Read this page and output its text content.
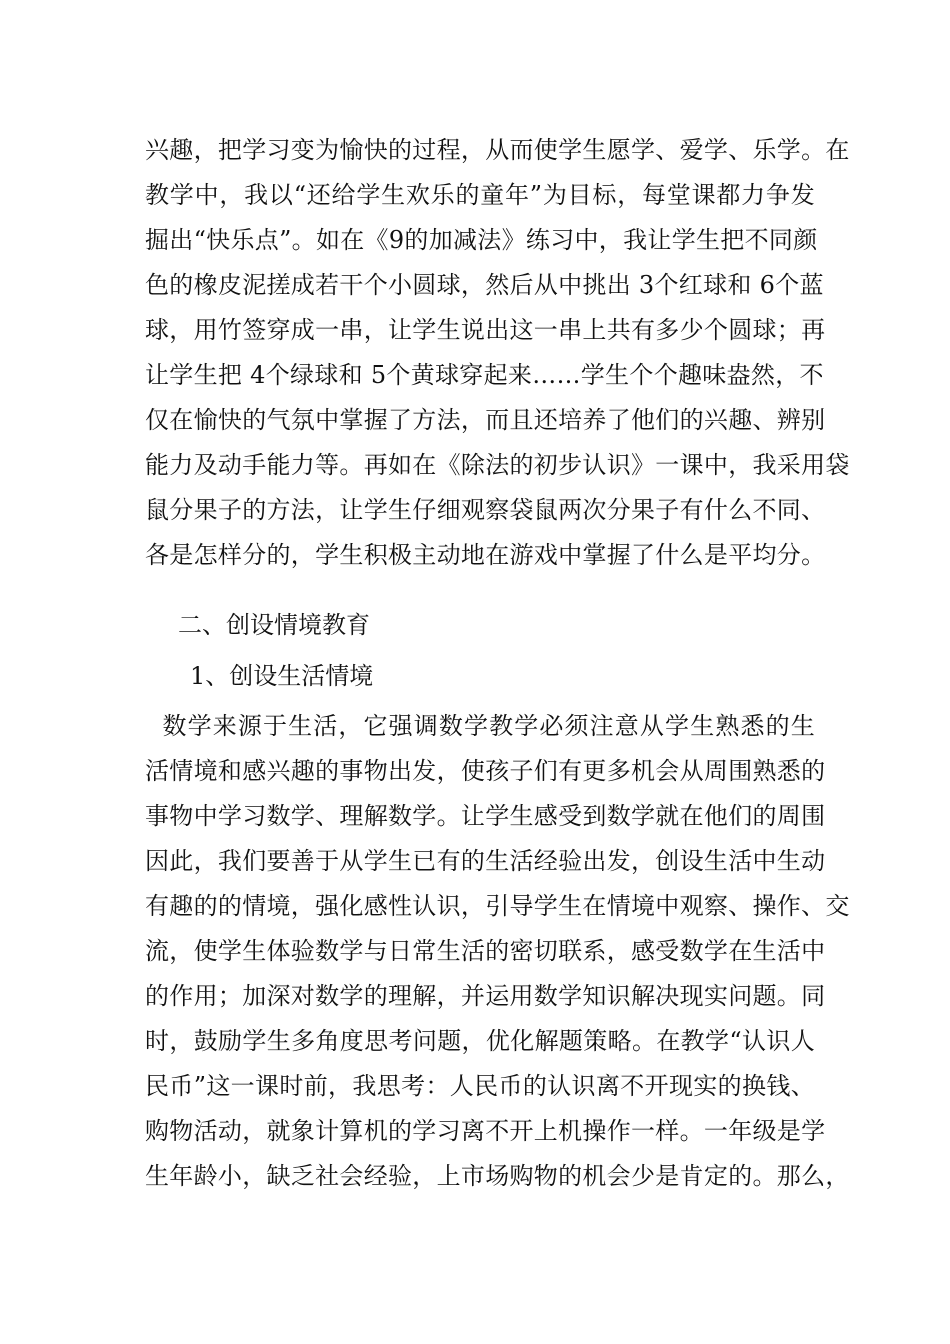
兴趣，把学习变为愉快的过程，从而使学生愿学、爱学、乐学。在
教学中，我以“还给学生欢乐的童年”为目标，每堂课都力争发
掘出“快乐点”。如在《9的加减法》练习中，我让学生把不同颜
色的橡皮泥搓成若干个小圆球，然后从中挑出 3个红球和 6个蓝
球，用竹签穿成一串，让学生说出这一串上共有多少个圆球；再
让学生把 4个绿球和 5个黄球穿起来……学生个个趣味盎然，不
仅在愉快的气氛中掌握了方法，而且还培养了他们的兴趣、辨别
能力及动手能力等。再如在《除法的初步认识》一课中，我采用袋
鼠分果子的方法，让学生仔细观察袋鼠两次分果子有什么不同、
各是怎样分的，学生积极主动地在游戏中掌握了什么是平均分。
二、创设情境教育
1、创设生活情境
数学来源于生活，它强调数学教学必须注意从学生熟悉的生
活情境和感兴趣的事物出发，使孩子们有更多机会从周围熟悉的
事物中学习数学、理解数学。让学生感受到数学就在他们的周围
因此，我们要善于从学生已有的生活经验出发，创设生活中生动
有趣的的情境，强化感性认识，引导学生在情境中观察、操作、交
流，使学生体验数学与日常生活的密切联系，感受数学在生活中
的作用；加深对数学的理解，并运用数学知识解决现实问题。同
时，鼓励学生多角度思考问题，优化解题策略。在教学“认识人
民币”这一课时前，我思考：人民币的认识离不开现实的换钱、
购物活动，就象计算机的学习离不开上机操作一样。一年级是学
生年龄小，缺乏社会经验，上市场购物的机会少是肯定的。那么，
